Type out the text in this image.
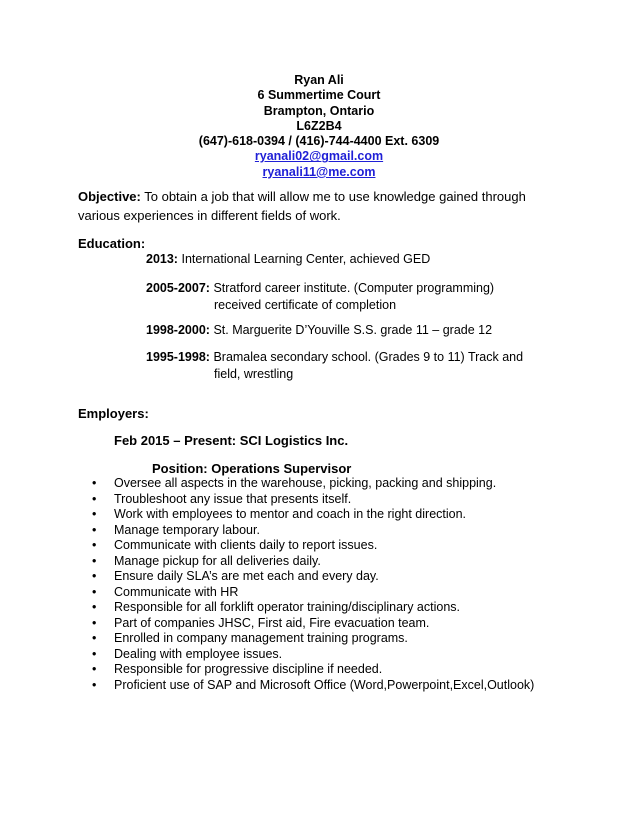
Ryan Ali
6 Summertime Court
Brampton, Ontario
L6Z2B4
(647)-618-0394 / (416)-744-4400 Ext. 6309
ryanali02@gmail.com
ryanali11@me.com
Objective: To obtain a job that will allow me to use knowledge gained through various experiences in different fields of work.
Education:
2013: International Learning Center, achieved GED
2005-2007: Stratford career institute. (Computer programming)
received certificate of completion
1998-2000: St. Marguerite D’Youville S.S. grade 11 – grade 12
1995-1998: Bramalea secondary school. (Grades 9 to 11) Track and
field, wrestling
Employers:
Feb 2015 – Present: SCI Logistics Inc.
Position: Operations Supervisor
• Oversee all aspects in the warehouse, picking, packing and shipping.
• Troubleshoot any issue that presents itself.
• Work with employees to mentor and coach in the right direction.
• Manage temporary labour.
• Communicate with clients daily to report issues.
• Manage pickup for all deliveries daily.
• Ensure daily SLA’s are met each and every day.
• Communicate with HR
• Responsible for all forklift operator training/disciplinary actions.
• Part of companies JHSC, First aid, Fire evacuation team.
• Enrolled in company management training programs.
• Dealing with employee issues.
• Responsible for progressive discipline if needed.
• Proficient use of SAP and Microsoft Office (Word,Powerpoint,Excel,Outlook)
